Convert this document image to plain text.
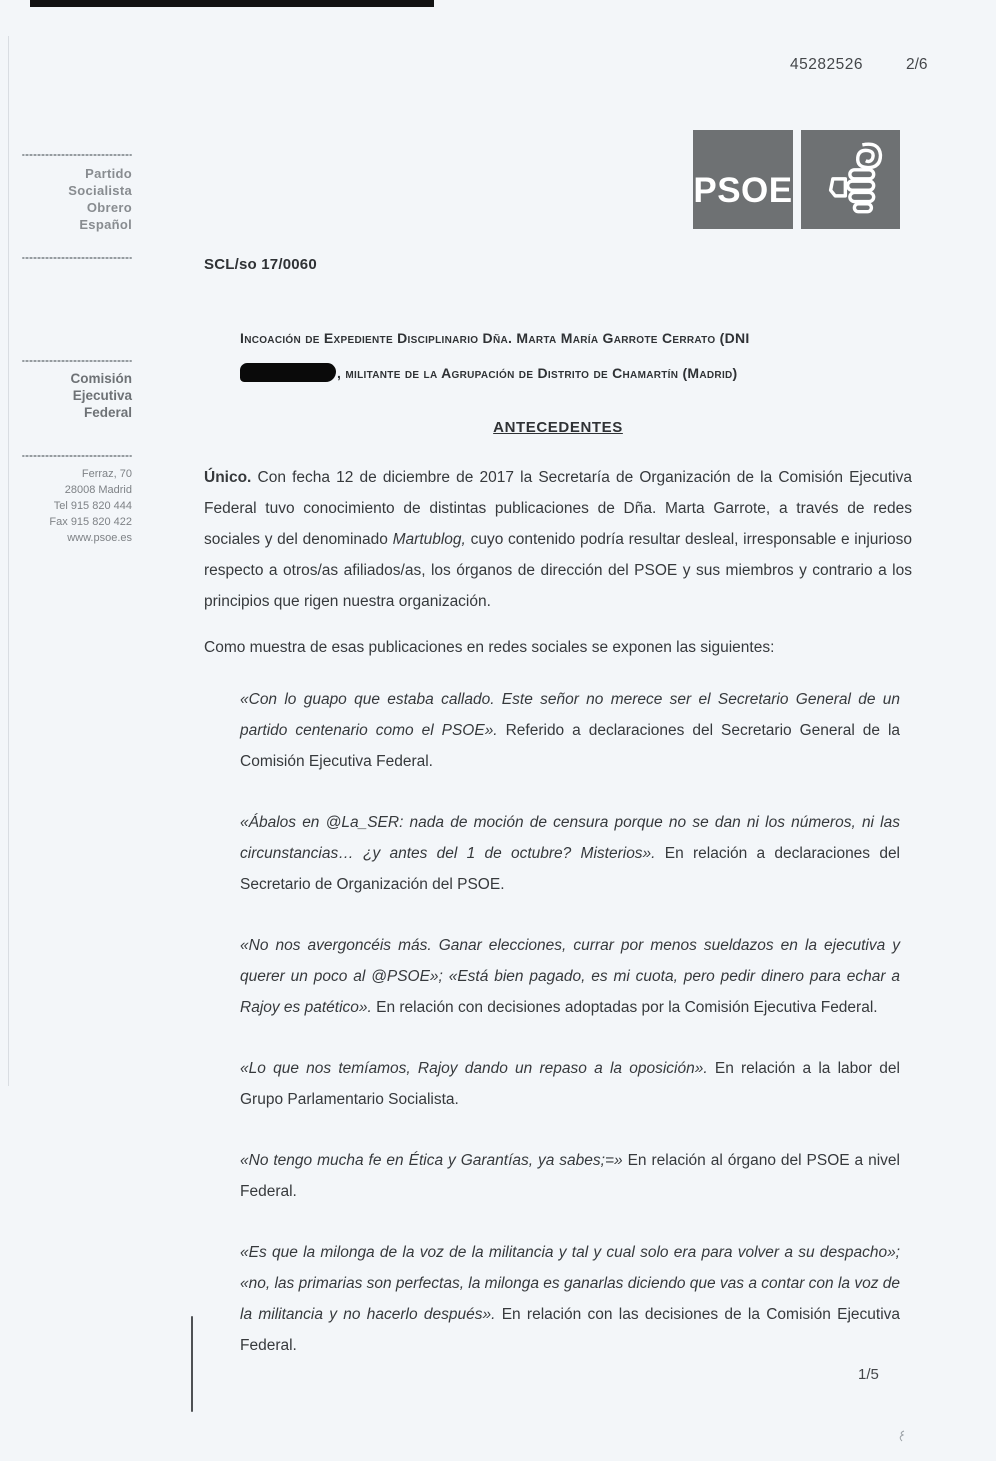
45282526	2/6
PSOE
Partido
Socialista
Obrero
Español
Comisión
Ejecutiva
Federal
Ferraz, 70
28008 Madrid
Tel 915 820 444
Fax 915 820 422
www.psoe.es
SCL/so 17/0060
Incoación de Expediente Disciplinario Dña. Marta María Garrote Cerrato (DNI
, militante de la Agrupación de Distrito de Chamartín (Madrid)
ANTECEDENTES
Único. Con fecha 12 de diciembre de 2017 la Secretaría de Organización de la Comisión Ejecutiva Federal tuvo conocimiento de distintas publicaciones de Dña. Marta Garrote, a través de redes sociales y del denominado Martublog, cuyo contenido podría resultar desleal, irresponsable e injurioso respecto a otros/as afiliados/as, los órganos de dirección del PSOE y sus miembros y contrario a los principios que rigen nuestra organización.
Como muestra de esas publicaciones en redes sociales se exponen las siguientes:
«Con lo guapo que estaba callado. Este señor no merece ser el Secretario General de un partido centenario como el PSOE». Referido a declaraciones del Secretario General de la Comisión Ejecutiva Federal.
«Ábalos en @La_SER: nada de moción de censura porque no se dan ni los números, ni las circunstancias… ¿y antes del 1 de octubre? Misterios». En relación a declaraciones del Secretario de Organización del PSOE.
«No nos avergoncéis más. Ganar elecciones, currar por menos sueldazos en la ejecutiva y querer un poco al @PSOE»; «Está bien pagado, es mi cuota, pero pedir dinero para echar a Rajoy es patético». En relación con decisiones adoptadas por la Comisión Ejecutiva Federal.
«Lo que nos temíamos, Rajoy dando un repaso a la oposición». En relación a la labor del Grupo Parlamentario Socialista.
«No tengo mucha fe en Ética y Garantías, ya sabes;=» En relación al órgano del PSOE a nivel Federal.
«Es que la milonga de la voz de la militancia y tal y cual solo era para volver a su despacho»; «no, las primarias son perfectas, la milonga es ganarlas diciendo que vas a contar con la voz de la militancia y no hacerlo después». En relación con las decisiones de la Comisión Ejecutiva Federal.
1/5
